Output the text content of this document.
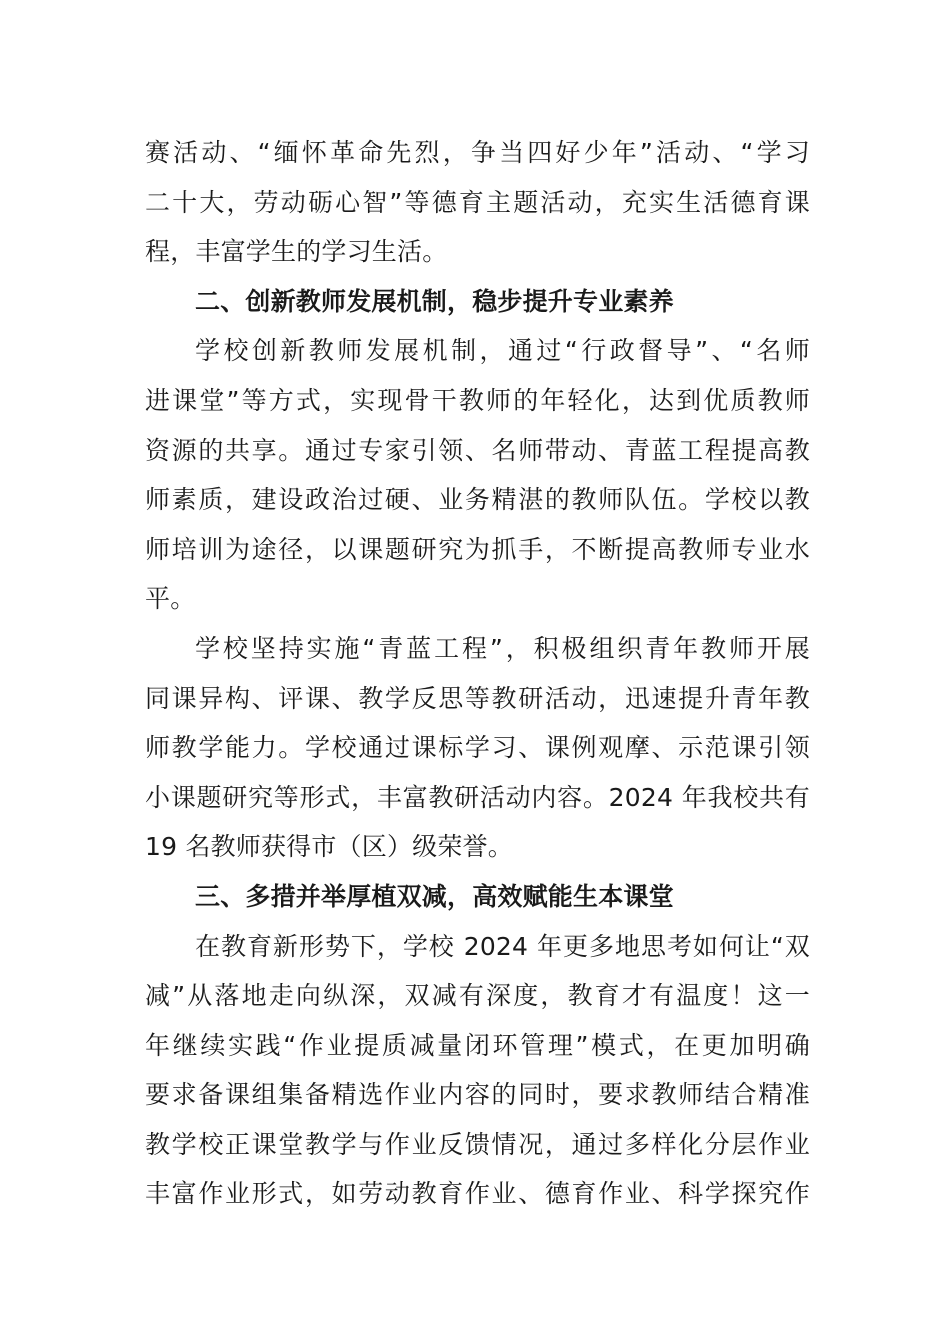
赛活动、“缅怀革命先烈，争当四好少年”活动、“学习
二十大，劳动砺心智”等德育主题活动，充实生活德育课
程，丰富学生的学习生活。
二、创新教师发展机制，稳步提升专业素养
学校创新教师发展机制，通过“行政督导”、“名师
进课堂”等方式，实现骨干教师的年轻化，达到优质教师
资源的共享。通过专家引领、名师带动、青蓝工程提高教
师素质，建设政治过硬、业务精湛的教师队伍。学校以教
师培训为途径，以课题研究为抓手，不断提高教师专业水
平。
学校坚持实施“青蓝工程”，积极组织青年教师开展
同课异构、评课、教学反思等教研活动，迅速提升青年教
师教学能力。学校通过课标学习、课例观摩、示范课引领
小课题研究等形式，丰富教研活动内容。2024 年我校共有
19 名教师获得市（区）级荣誉。
三、多措并举厚植双减，高效赋能生本课堂
在教育新形势下，学校 2024 年更多地思考如何让“双
减”从落地走向纵深，双减有深度，教育才有温度！这一
年继续实践“作业提质减量闭环管理”模式，在更加明确
要求备课组集备精选作业内容的同时，要求教师结合精准
教学校正课堂教学与作业反馈情况，通过多样化分层作业
丰富作业形式，如劳动教育作业、德育作业、科学探究作
